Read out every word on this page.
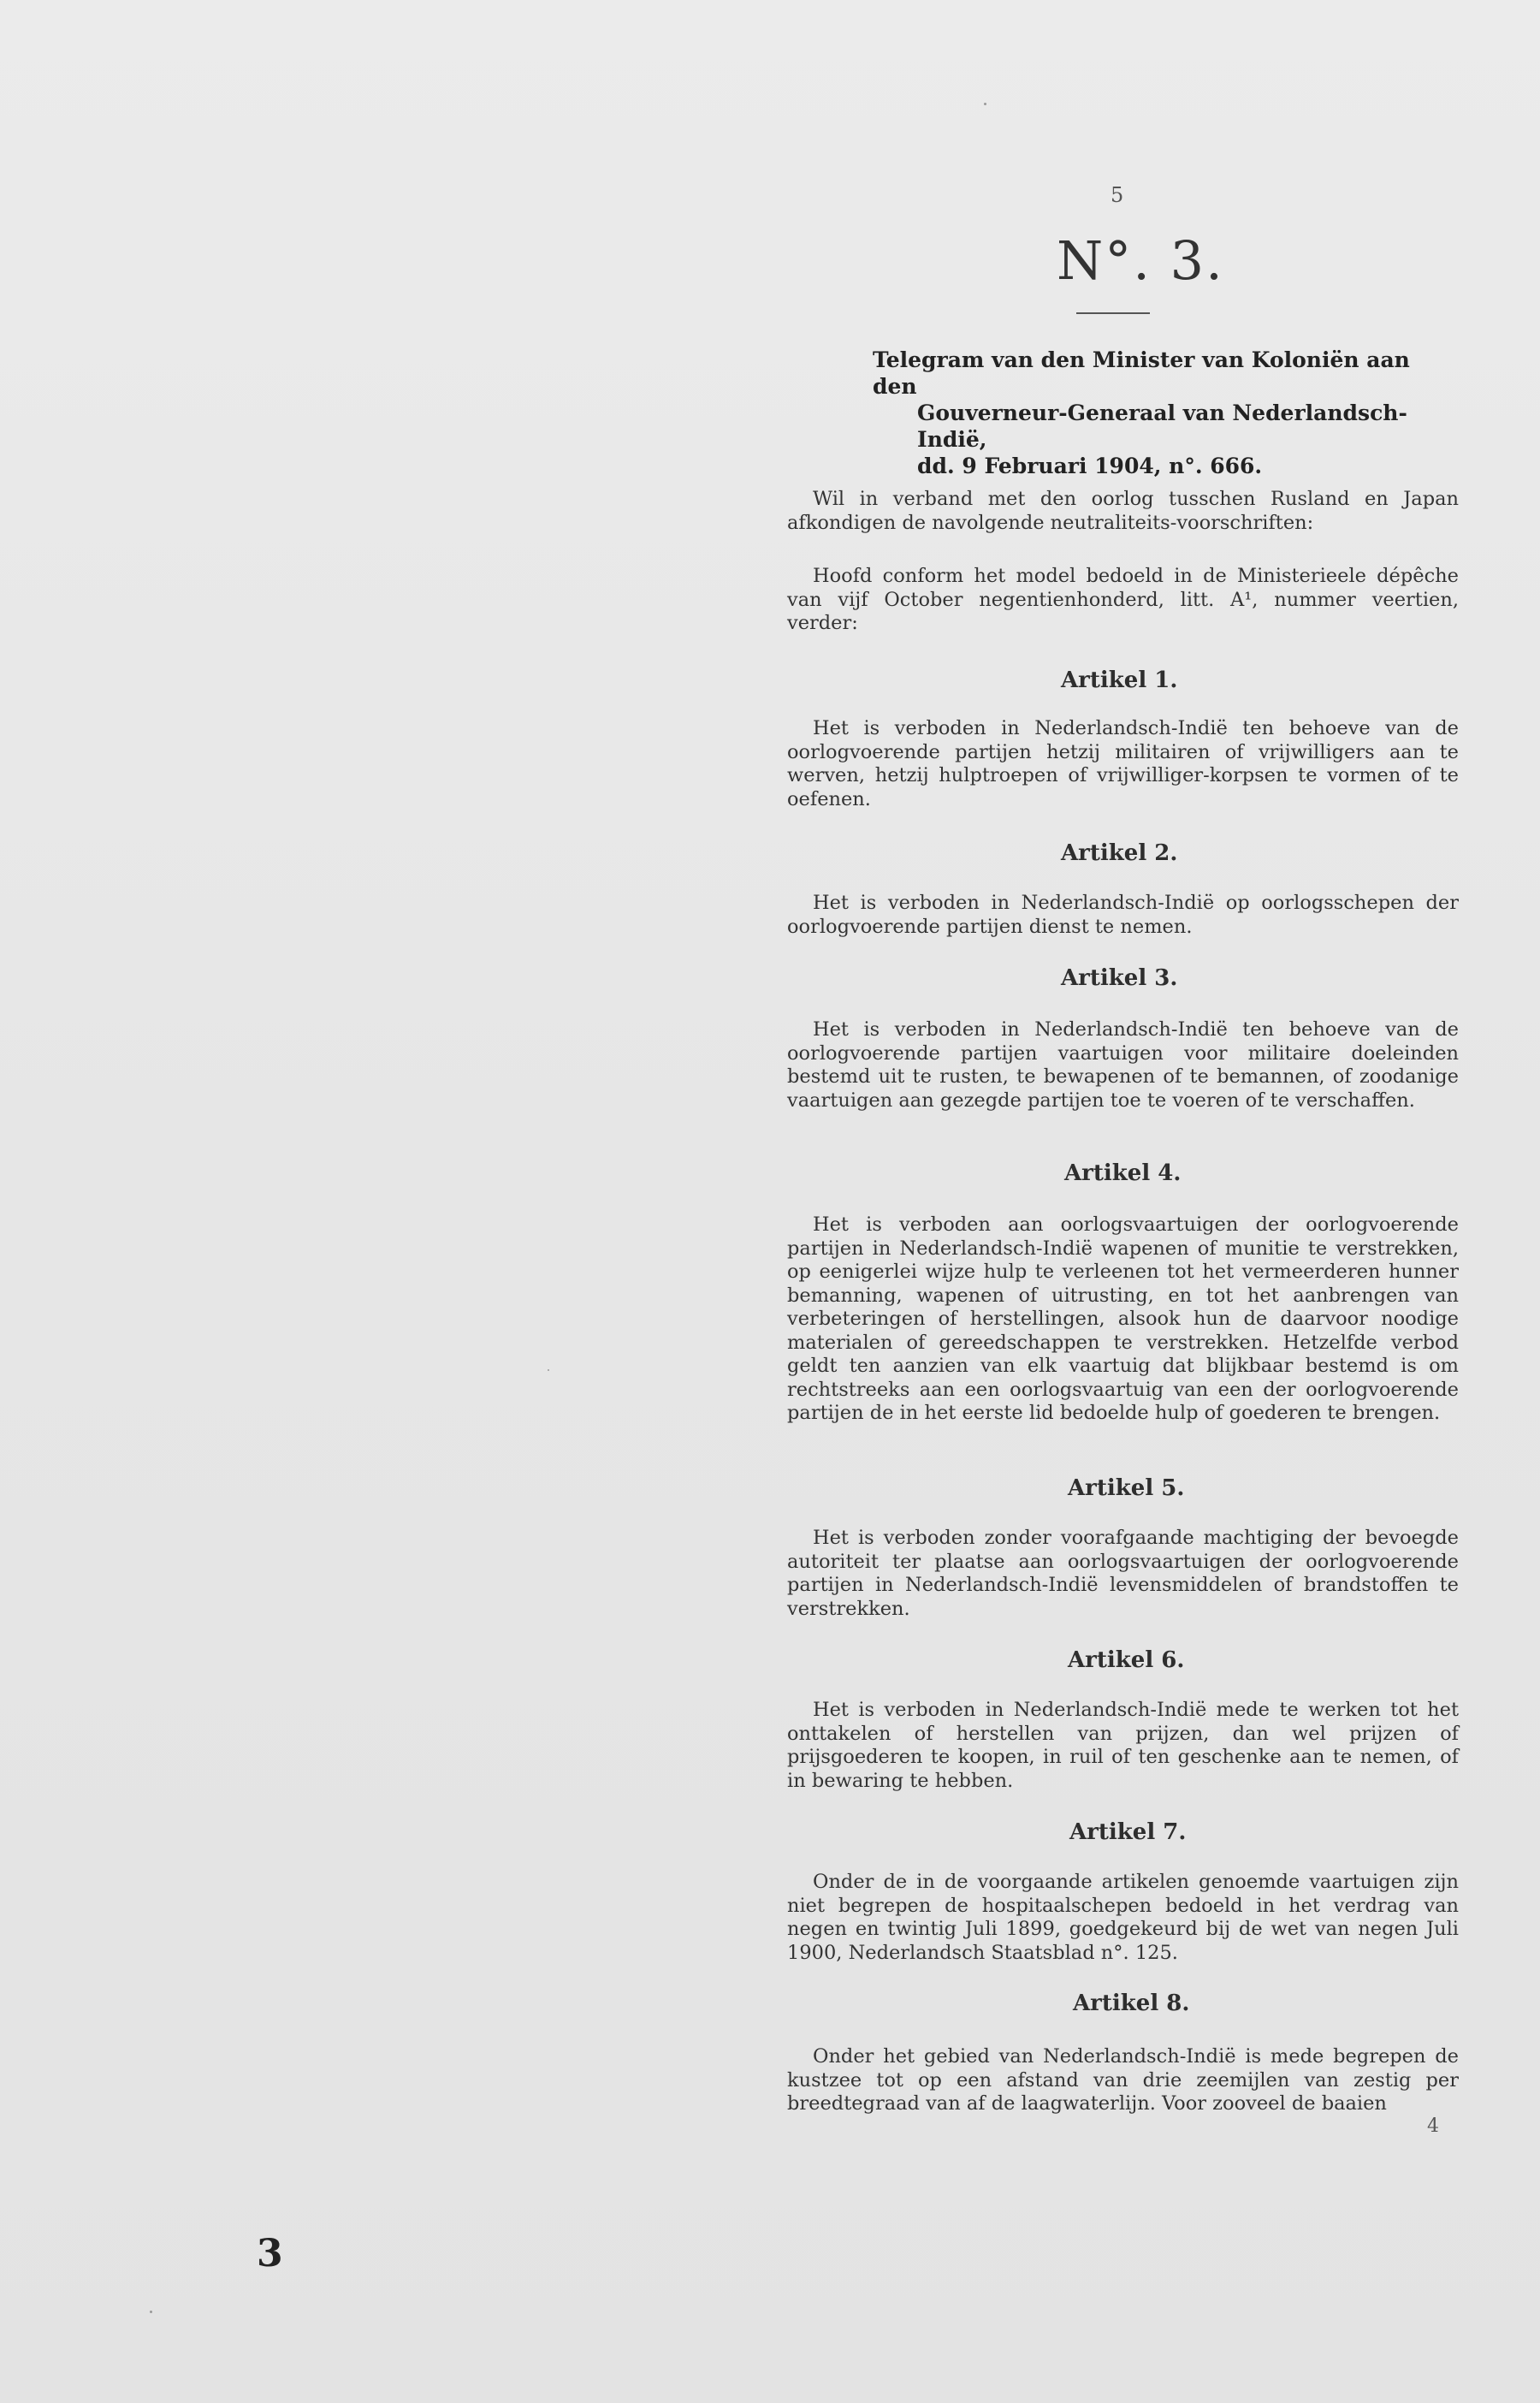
5
N°. 3.
Telegram van den Minister van Koloniën aan den
Gouverneur-Generaal van Nederlandsch-Indië,
dd. 9 Februari 1904, n°. 666.

Wil in verband met den oorlog tusschen Rusland en Japan afkondigen de navolgende neutraliteits-voorschriften:

Hoofd conform het model bedoeld in de Ministerieele dépêche van vijf October negentienhonderd, litt. A¹, nummer veertien, verder:

Artikel 1.

Het is verboden in Nederlandsch-Indië ten behoeve van de oorlogvoerende partijen hetzij militairen of vrijwilligers aan te werven, hetzij hulptroepen of vrijwilliger-korpsen te vormen of te oefenen.

Artikel 2.

Het is verboden in Nederlandsch-Indië op oorlogsschepen der oorlogvoerende partijen dienst te nemen.

Artikel 3.

Het is verboden in Nederlandsch-Indië ten behoeve van de oorlogvoerende partijen vaartuigen voor militaire doeleinden bestemd uit te rusten, te bewapenen of te bemannen, of zoodanige vaartuigen aan gezegde partijen toe te voeren of te verschaffen.

Artikel 4.

Het is verboden aan oorlogsvaartuigen der oorlogvoerende partijen in Nederlandsch-Indië wapenen of munitie te verstrekken, op eenigerlei wijze hulp te verleenen tot het vermeerderen hunner bemanning, wapenen of uitrusting, en tot het aanbrengen van verbeteringen of herstellingen, alsook hun de daarvoor noodige materialen of gereedschappen te verstrekken. Hetzelfde verbod geldt ten aanzien van elk vaartuig dat blijkbaar bestemd is om rechtstreeks aan een oorlogsvaartuig van een der oorlogvoerende partijen de in het eerste lid bedoelde hulp of goederen te brengen.

Artikel 5.

Het is verboden zonder voorafgaande machtiging der bevoegde autoriteit ter plaatse aan oorlogsvaartuigen der oorlogvoerende partijen in Nederlandsch-Indië levensmiddelen of brandstoffen te verstrekken.

Artikel 6.

Het is verboden in Nederlandsch-Indië mede te werken tot het onttakelen of herstellen van prijzen, dan wel prijzen of prijsgoederen te koopen, in ruil of ten geschenke aan te nemen, of in bewaring te hebben.

Artikel 7.

Onder de in de voorgaande artikelen genoemde vaartuigen zijn niet begrepen de hospitaalschepen bedoeld in het verdrag van negen en twintig Juli 1899, goedgekeurd bij de wet van negen Juli 1900, Nederlandsch Staatsblad n°. 125.

Artikel 8.

Onder het gebied van Nederlandsch-Indië is mede begrepen de kustzee tot op een afstand van drie zeemijlen van zestig per breedtegraad van af de laagwaterlijn. Voor zooveel de baaien

4
3
